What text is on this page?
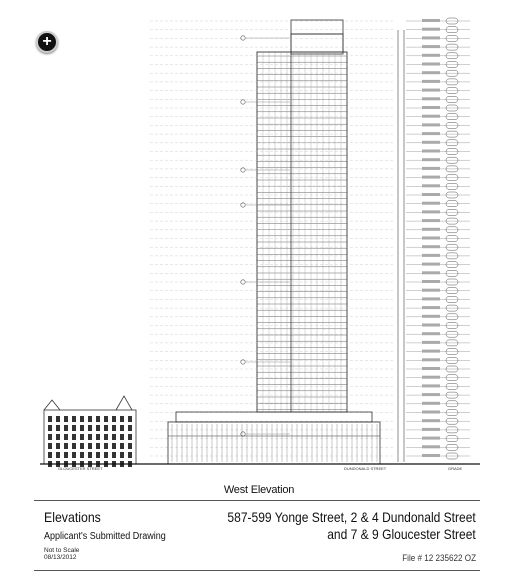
GLOUCESTER STREET	DUNDONALD STREET	GRADE
+
West Elevation
Elevations
Applicant's Submitted Drawing
Not to Scale
08/13/2012
587-599 Yonge Street, 2 & 4 Dundonald Street
and 7 & 9 Gloucester Street
File # 12 235622 OZ
